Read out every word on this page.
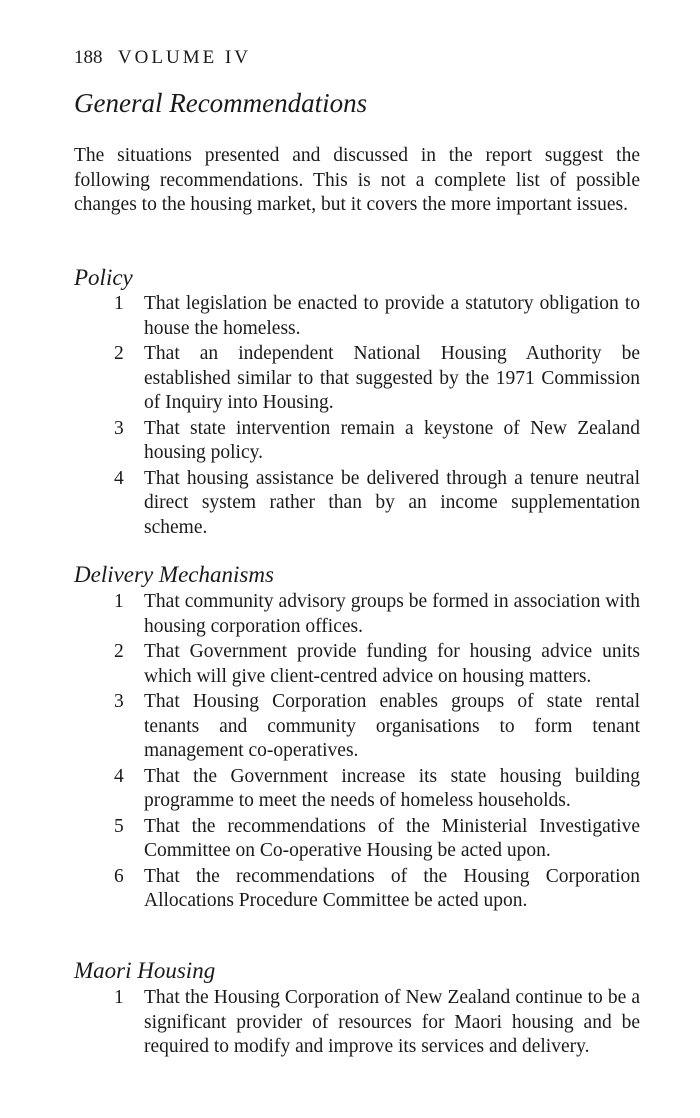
188 VOLUME IV
General Recommendations

The situations presented and discussed in the report suggest the following recommendations. This is not a complete list of possible changes to the housing market, but it covers the more important issues.

Policy
1	That legislation be enacted to provide a statutory obligation to house the homeless.
2	That an independent National Housing Authority be established similar to that suggested by the 1971 Commission of Inquiry into Housing.
3	That state intervention remain a keystone of New Zealand housing policy.
4	That housing assistance be delivered through a tenure neutral direct system rather than by an income supplementation scheme.
Delivery Mechanisms
1	That community advisory groups be formed in association with housing corporation offices.
2	That Government provide funding for housing advice units which will give client-centred advice on housing matters.
3	That Housing Corporation enables groups of state rental tenants and community organisations to form tenant management co-operatives.
4	That the Government increase its state housing building programme to meet the needs of homeless households.
5	That the recommendations of the Ministerial Investigative Committee on Co-operative Housing be acted upon.
6	That the recommendations of the Housing Corporation Allocations Procedure Committee be acted upon.
Maori Housing
1	That the Housing Corporation of New Zealand continue to be a significant provider of resources for Maori housing and be required to modify and improve its services and delivery.
